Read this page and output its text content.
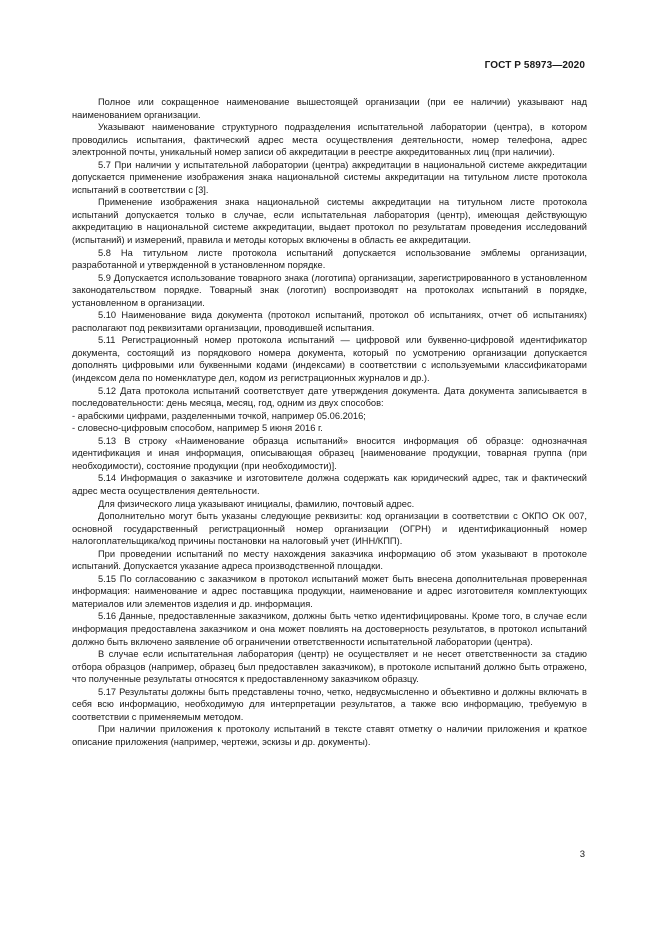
ГОСТ Р 58973—2020

Полное или сокращенное наименование вышестоящей организации (при ее наличии) указывают над наименованием организации.

Указывают наименование структурного подразделения испытательной лаборатории (центра), в котором проводились испытания, фактический адрес места осуществления деятельности, номер телефона, адрес электронной почты, уникальный номер записи об аккредитации в реестре аккредитованных лиц (при наличии).

5.7 При наличии у испытательной лаборатории (центра) аккредитации в национальной системе аккредитации допускается применение изображения знака национальной системы аккредитации на титульном листе протокола испытаний в соответствии с [3].

Применение изображения знака национальной системы аккредитации на титульном листе протокола испытаний допускается только в случае, если испытательная лаборатория (центр), имеющая действующую аккредитацию в национальной системе аккредитации, выдает протокол по результатам проведения исследований (испытаний) и измерений, правила и методы которых включены в область ее аккредитации.

5.8 На титульном листе протокола испытаний допускается использование эмблемы организации, разработанной и утвержденной в установленном порядке.

5.9 Допускается использование товарного знака (логотипа) организации, зарегистрированного в установленном законодательством порядке. Товарный знак (логотип) воспроизводят на протоколах испытаний в порядке, установленном в организации.

5.10 Наименование вида документа (протокол испытаний, протокол об испытаниях, отчет об испытаниях) располагают под реквизитами организации, проводившей испытания.

5.11 Регистрационный номер протокола испытаний — цифровой или буквенно-цифровой идентификатор документа, состоящий из порядкового номера документа, который по усмотрению организации допускается дополнять цифровыми или буквенными кодами (индексами) в соответствии с используемыми классификаторами (индексом дела по номенклатуре дел, кодом из регистрационных журналов и др.).

5.12 Дата протокола испытаний соответствует дате утверждения документа. Дата документа записывается в последовательности: день месяца, месяц, год, одним из двух способов:

- арабскими цифрами, разделенными точкой, например 05.06.2016;

- словесно-цифровым способом, например 5 июня 2016 г.

5.13 В строку «Наименование образца испытаний» вносится информация об образце: однозначная идентификация и иная информация, описывающая образец [наименование продукции, товарная группа (при необходимости), состояние продукции (при необходимости)].

5.14 Информация о заказчике и изготовителе должна содержать как юридический адрес, так и фактический адрес места осуществления деятельности.

Для физического лица указывают инициалы, фамилию, почтовый адрес.

Дополнительно могут быть указаны следующие реквизиты: код организации в соответствии с ОКПО ОК 007, основной государственный регистрационный номер организации (ОГРН) и идентификационный номер налогоплательщика/код причины постановки на налоговый учет (ИНН/КПП).

При проведении испытаний по месту нахождения заказчика информацию об этом указывают в протоколе испытаний. Допускается указание адреса производственной площадки.

5.15 По согласованию с заказчиком в протокол испытаний может быть внесена дополнительная проверенная информация: наименование и адрес поставщика продукции, наименование и адрес изготовителя комплектующих материалов или элементов изделия и др. информация.

5.16 Данные, предоставленные заказчиком, должны быть четко идентифицированы. Кроме того, в случае если информация предоставлена заказчиком и она может повлиять на достоверность результатов, в протокол испытаний должно быть включено заявление об ограничении ответственности испытательной лаборатории (центра).

В случае если испытательная лаборатория (центр) не осуществляет и не несет ответственности за стадию отбора образцов (например, образец был предоставлен заказчиком), в протоколе испытаний должно быть отражено, что полученные результаты относятся к предоставленному заказчиком образцу.

5.17 Результаты должны быть представлены точно, четко, недвусмысленно и объективно и должны включать в себя всю информацию, необходимую для интерпретации результатов, а также всю информацию, требуемую в соответствии с применяемым методом.

При наличии приложения к протоколу испытаний в тексте ставят отметку о наличии приложения и краткое описание приложения (например, чертежи, эскизы и др. документы).

3
